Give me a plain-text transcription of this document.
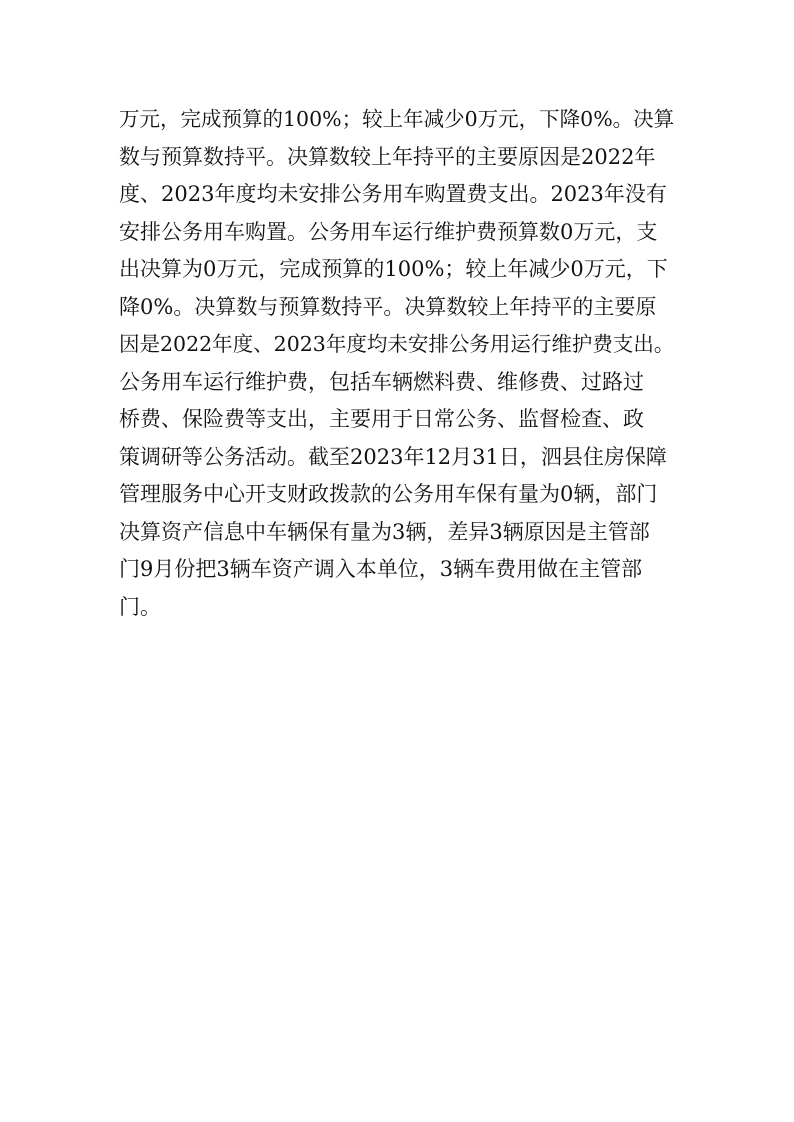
万元，完成预算的100%；较上年减少0万元，下降0%。决算
数与预算数持平。决算数较上年持平的主要原因是2022年
度、2023年度均未安排公务用车购置费支出。2023年没有
安排公务用车购置。公务用车运行维护费预算数0万元，支
出决算为0万元，完成预算的100%；较上年减少0万元，下
降0%。决算数与预算数持平。决算数较上年持平的主要原
因是2022年度、2023年度均未安排公务用运行维护费支出。
公务用车运行维护费，包括车辆燃料费、维修费、过路过
桥费、保险费等支出，主要用于日常公务、监督检查、政
策调研等公务活动。截至2023年12月31日，泗县住房保障
管理服务中心开支财政拨款的公务用车保有量为0辆，部门
决算资产信息中车辆保有量为3辆，差异3辆原因是主管部
门9月份把3辆车资产调入本单位，3辆车费用做在主管部
门。
